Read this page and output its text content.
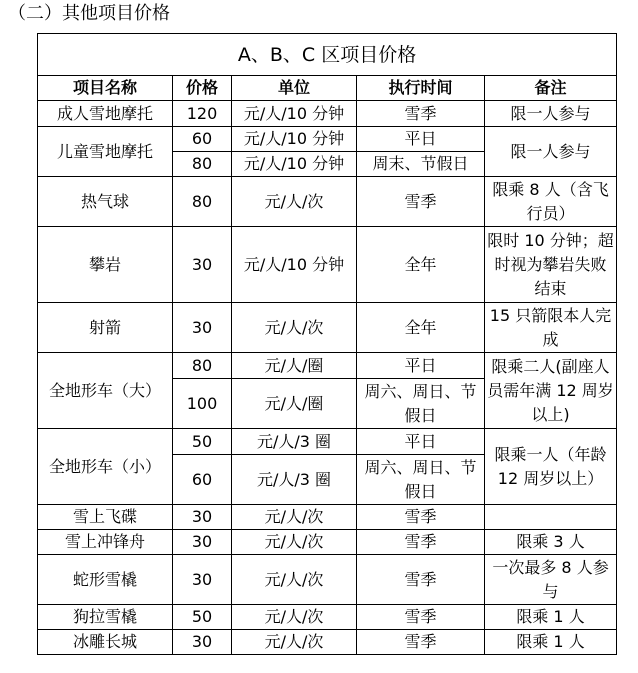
（二）其他项目价格
A、B、C 区项目价格				
项目名称	价格	单位	执行时间	备注
成人雪地摩托	120	元/人/10 分钟	雪季	限一人参与
儿童雪地摩托	60	元/人/10 分钟	平日	限一人参与
	80	元/人/10 分钟	周末、节假日	
热气球	80	元/人/次	雪季	限乘 8 人（含飞行员）
攀岩	30	元/人/10 分钟	全年	限时 10 分钟；超时视为攀岩失败结束
射箭	30	元/人/次	全年	15 只箭限本人完成
全地形车（大）	80	元/人/圈	平日	限乘二人(副座人员需年满 12 周岁以上)
	100	元/人/圈	周六、周日、节假日	
全地形车（小）	50	元/人/3 圈	平日	限乘一人（年龄 12 周岁以上）
	60	元/人/3 圈	周六、周日、节假日	
雪上飞碟	30	元/人/次	雪季	
雪上冲锋舟	30	元/人/次	雪季	限乘 3 人
蛇形雪橇	30	元/人/次	雪季	一次最多 8 人参与
狗拉雪橇	50	元/人/次	雪季	限乘 1 人
冰雕长城	30	元/人/次	雪季	限乘 1 人
